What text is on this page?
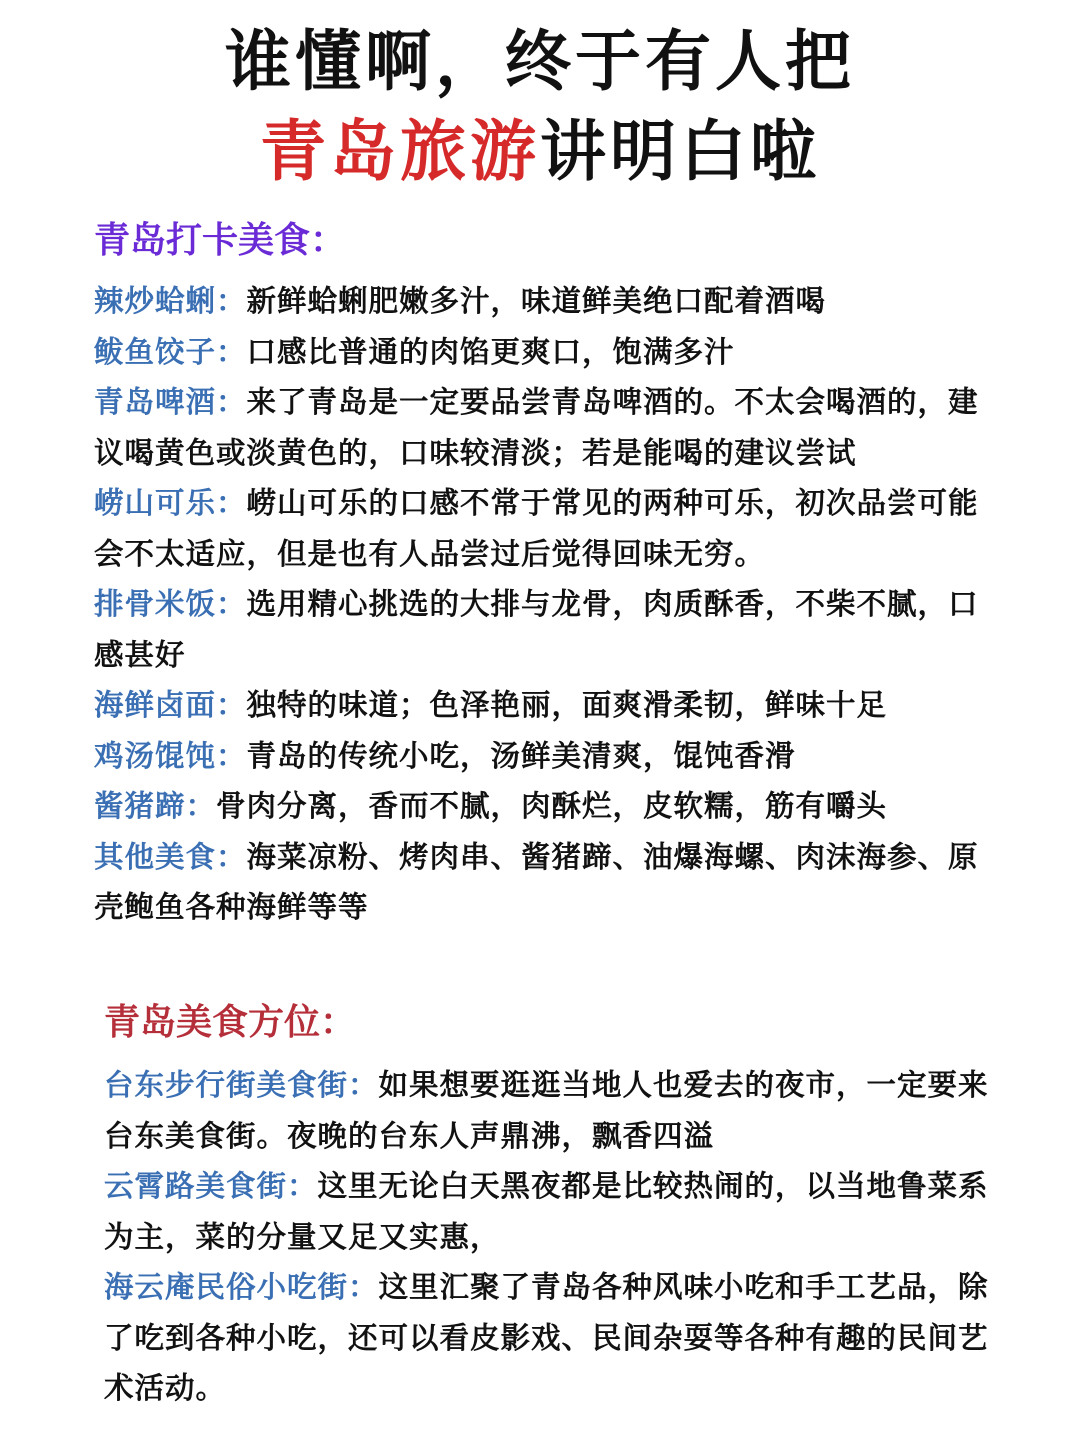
谁懂啊，终于有人把
青岛旅游讲明白啦
青岛打卡美食：

辣炒蛤蜊：新鲜蛤蜊肥嫩多汁，味道鲜美绝口配着酒喝

鲅鱼饺子：口感比普通的肉馅更爽口，饱满多汁

青岛啤酒：来了青岛是一定要品尝青岛啤酒的。不太会喝酒的，建议喝黄色或淡黄色的，口味较清淡；若是能喝的建议尝试

崂山可乐：崂山可乐的口感不常于常见的两种可乐，初次品尝可能会不太适应，但是也有人品尝过后觉得回味无穷。

排骨米饭：选用精心挑选的大排与龙骨，肉质酥香，不柴不腻，口感甚好

海鲜卤面：独特的味道；色泽艳丽，面爽滑柔韧，鲜味十足

鸡汤馄饨：青岛的传统小吃，汤鲜美清爽，馄饨香滑

酱猪蹄：骨肉分离，香而不腻，肉酥烂，皮软糯，筋有嚼头

其他美食：海菜凉粉、烤肉串、酱猪蹄、油爆海螺、肉沫海参、原壳鲍鱼各种海鲜等等

青岛美食方位：

台东步行街美食街：如果想要逛逛当地人也爱去的夜市，一定要来台东美食街。夜晚的台东人声鼎沸，飘香四溢

云霄路美食街：这里无论白天黑夜都是比较热闹的，以当地鲁菜系为主，菜的分量又足又实惠，

海云庵民俗小吃街：这里汇聚了青岛各种风味小吃和手工艺品，除了吃到各种小吃，还可以看皮影戏、民间杂耍等各种有趣的民间艺术活动。
